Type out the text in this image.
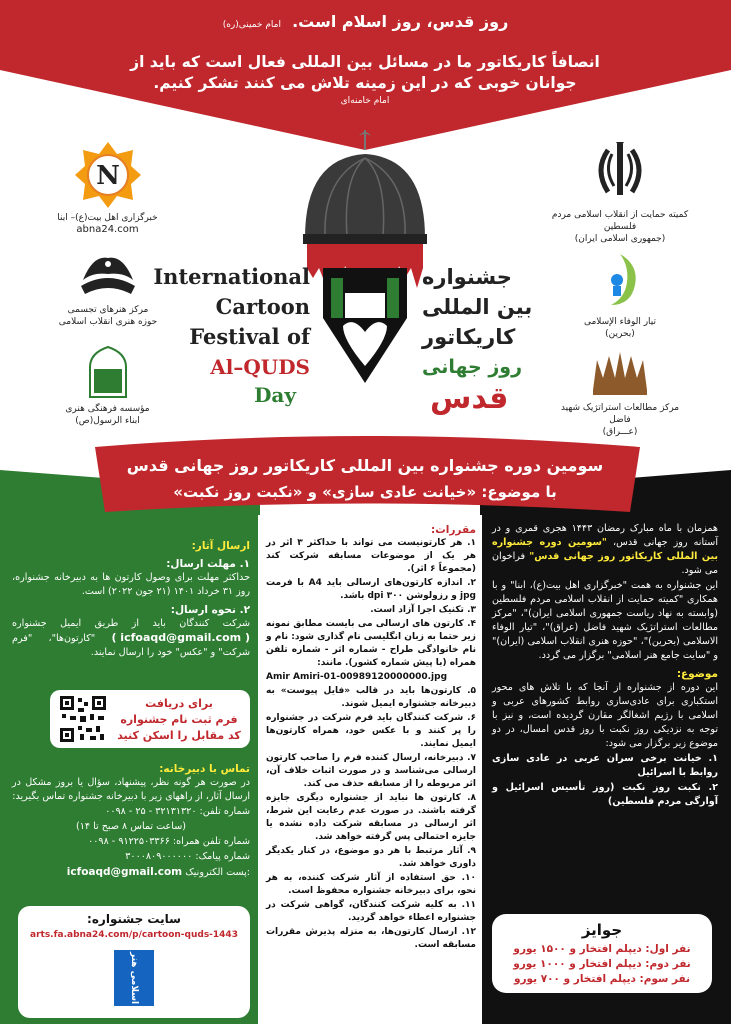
روز قدس، روز اسلام است. امام خمینی(ره)
انصافاً کاریکاتور ما در مسائل بین المللی فعال است که باید از
جوانان خوبی که در این زمینه تلاش می کنند تشکر کنیم.
امام خامنه‌ای
N
خبرگزاری اهل بیت(ع)– ابنا
abna24.com
مرکز هنرهای تجسمی
حوزه هنری انقلاب اسلامی
مؤسسه فرهنگی هنری
ابناء الرسول(ص)
کمیته حمایت از انقلاب اسلامی مردم فلسطین
(جمهوری اسلامی ایران)
تیار الوفاء الإسلامی
(بحرین)
مرکز مطالعات استراتژیک شهید فاضل
(عـــراق)
International
Cartoon
Festival of
Al–QUDS
Day
جشنواره
بین المللی
کاریکاتور
روز جهانی
قدس
سومین دوره جشنواره بین المللی کاریکاتور روز جهانی قدس
با موضوع: «خیانت عادی سازی» و «نکبت روز نکبت»

همزمان با ماه مبارک رمضان ۱۴۴۳ هجری قمری و در آستانه روز جهانی قدس، "سومین دوره جشنواره بین المللی کاریکاتور روز جهانی قدس" فراخوان می شود.

این جشنواره به همت "خبرگزاری اهل بیت(ع)، ابنا" و با همکاری "کمیته حمایت از انقلاب اسلامی مردم فلسطین (وابسته به نهاد ریاست جمهوری اسلامی ایران)"، "مرکز مطالعات استراتژیک شهید فاضل (عراق)"، "تیار الوفاء الاسلامی (بحرین)"، "حوزه هنری انقلاب اسلامی (ایران)" و "سایت جامع هنر اسلامی" برگزار می گردد.

موضوع:

این دوره از جشنواره از آنجا که با تلاش های محور استکباری برای عادی‌سازی روابط کشورهای عربی و اسلامی با رژیم اشغالگر مقارن گردیده است، و نیز با توجه به نزدیکی روز نکبت با روز قدس امسال، در دو موضوع زیر برگزار می شود:

۱. خیانت برخی سران عربی در عادی سازی روابط با اسرائیل

۲. نکبت روز نکبت (روز تأسیس اسرائیل و آوارگی مردم فلسطین)

جوایز
نفر اول: دیپلم افتخار و ۱۵۰۰ یورو
نفر دوم: دیپلم افتخار و ۱۰۰۰ یورو
نفر سوم: دیپلم افتخار و ۷۰۰ یورو
مقررات:

۱. هر کارتونیست می تواند با حداکثر ۳ اثر در هر یک از موضوعات مسابقه شرکت کند (مجموعاً ۶ اثر).

۲. اندازه کارتون‌های ارسالی باید A4 با فرمت jpg و رزولوشن ۳۰۰ dpi باشد.

۳. تکنیک اجرا آزاد است.

۴. کارتون های ارسالی می بایست مطابق نمونه زیر حتما به زبان انگلیسی نام گذاری شود: نام و نام خانوادگی طراح - شماره اثر - شماره تلفن همراه (با پیش شماره کشور). مانند:

Amir Amiri-01-00989120000000.jpg

۵. کارتون‌ها باید در قالب «فایل پیوست» به دبیرخانه جشنواره ایمیل شوند.

۶. شرکت کنندگان باید فرم شرکت در جشنواره را پر کنند و با عکس خود، همراه کارتون‌ها ایمیل نمایند.

۷. دبیرخانه، ارسال کننده فرم را صاحب کارتون ارسالی می‌شناسد و در صورت اثبات خلاف آن، اثر مربوطه را از مسابقه حذف می کند.

۸. کارتون ها نباید از جشنواره دیگری جایزه گرفته باشند. در صورت عدم رعایت این شرط، اثر ارسالی در مسابقه شرکت داده نشده یا جایزه احتمالی پس گرفته خواهد شد.

۹. آثار مرتبط با هر دو موضوع، در کنار یکدیگر داوری خواهد شد.

۱۰. حق استفاده از آثار شرکت کننده، به هر نحو، برای دبیرخانه جشنواره محفوظ است.

۱۱. به کلیه شرکت کنندگان، گواهی شرکت در جشنواره اعطاء خواهد گردید.

۱۲. ارسال کارتون‌ها، به منزله پذیرش مقررات مسابقه است.

ارسال آثار:
۱. مهلت ارسال:

حداکثر مهلت برای وصول کارتون ها به دبیرخانه جشنواره، روز ۳۱ خرداد ۱۴۰۱ (۲۱ جون ۲۰۲۲) است.

۲. نحوه ارسال:

شرکت کنندگان باید از طریق ایمیل جشنواره ( icfoaqd@gmail.com ) "کارتون‌ها"، "فرم شرکت" و "عکس" خود را ارسال نمایند.

برای دریافت
فرم ثبت نام جشنواره
کد مقابل را اسکن کنید
تماس با دبیرخانه:

در صورت هر گونه نظر، پیشنهاد، سؤال یا بروز مشکل در ارسال آثار، از راههای زیر با دبیرخانه جشنواره تماس بگیرید:

شماره تلفن: ۳۲۱۳۱۳۲۰ - ۲۵ - ۰۰۹۸

(ساعت تماس ۸ صبح تا ۱۴)

شماره تلفن همراه: ۹۱۲۲۵۰۳۳۶۶ - ۰۰۹۸

شماره پیامک: ۳۰۰۰۸۰۹۰۰۰۰۰۰

:پست الکترونیک icfoaqd@gmail.com

سایت جشنواره:
arts.fa.abna24.com/p/cartoon-quds-1443
اسلامی هنر
